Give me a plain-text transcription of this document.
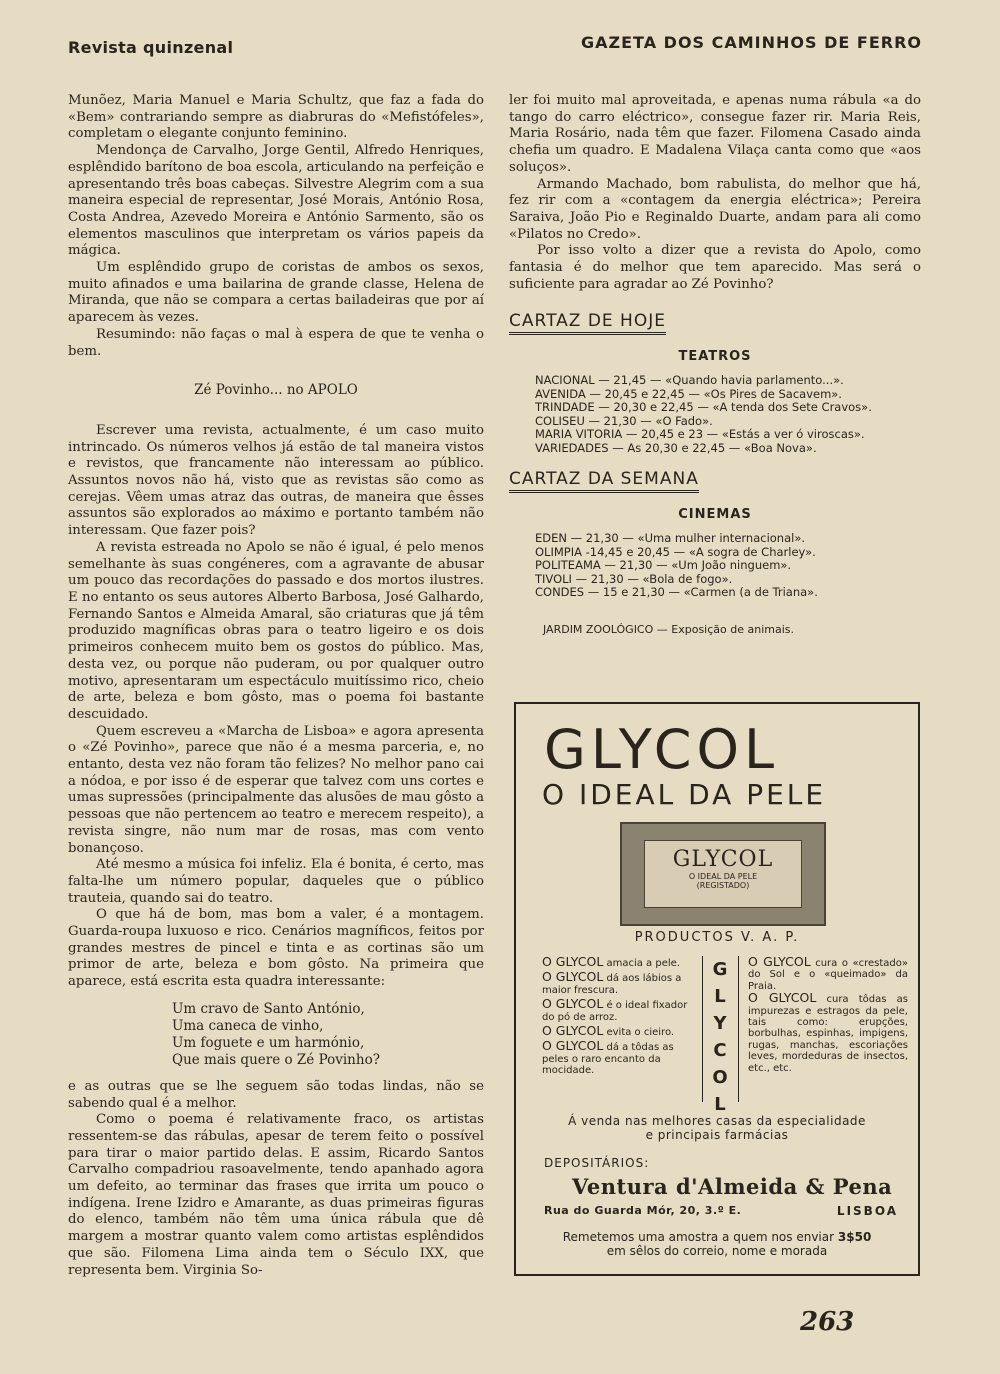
Revista quinzenal	GAZETA DOS CAMINHOS DE FERRO

Munõez, Maria Manuel e Maria Schultz, que faz a fada do «Bem» contrariando sempre as diabruras do «Mefistófeles», completam o elegante conjunto feminino.

Mendonça de Carvalho, Jorge Gentil, Alfredo Henriques, esplêndido barítono de boa escola, articulando na perfeição e apresentando três boas cabeças. Silvestre Alegrim com a sua maneira especial de representar, José Morais, António Rosa, Costa Andrea, Azevedo Moreira e António Sarmento, são os elementos masculinos que interpretam os vários papeis da mágica.

Um esplêndido grupo de coristas de ambos os sexos, muito afinados e uma bailarina de grande classe, Helena de Miranda, que não se compara a certas bailadeiras que por aí aparecem às vezes.

Resumindo: não faças o mal à espera de que te venha o bem.

Zé Povinho... no APOLO

Escrever uma revista, actualmente, é um caso muito intrincado. Os números velhos já estão de tal maneira vistos e revistos, que francamente não interessam ao público. Assuntos novos não há, visto que as revistas são como as cerejas. Vêem umas atraz das outras, de maneira que êsses assuntos são explorados ao máximo e portanto também não interessam. Que fazer pois?

A revista estreada no Apolo se não é igual, é pelo menos semelhante às suas congéneres, com a agravante de abusar um pouco das recordações do passado e dos mortos ilustres. E no entanto os seus autores Alberto Barbosa, José Galhardo, Fernando Santos e Almeida Amaral, são criaturas que já têm produzido magníficas obras para o teatro ligeiro e os dois primeiros conhecem muito bem os gostos do público. Mas, desta vez, ou porque não puderam, ou por qualquer outro motivo, apresentaram um espectáculo muitíssimo rico, cheio de arte, beleza e bom gôsto, mas o poema foi bastante descuidado.

Quem escreveu a «Marcha de Lisboa» e agora apresenta o «Zé Povinho», parece que não é a mesma parceria, e, no entanto, desta vez não foram tão felizes? No melhor pano cai a nódoa, e por isso é de esperar que talvez com uns cortes e umas supressões (principalmente das alusões de mau gôsto a pessoas que não pertencem ao teatro e merecem respeito), a revista singre, não num mar de rosas, mas com vento bonançoso.

Até mesmo a música foi infeliz. Ela é bonita, é certo, mas falta-lhe um número popular, daqueles que o público trauteia, quando sai do teatro.

O que há de bom, mas bom a valer, é a montagem. Guarda-roupa luxuoso e rico. Cenários magníficos, feitos por grandes mestres de pincel e tinta e as cortinas são um primor de arte, beleza e bom gôsto. Na primeira que aparece, está escrita esta quadra interessante:

Um cravo de Santo António,
Uma caneca de vinho,
Um foguete e um harmónio,
Que mais quere o Zé Povinho?

e as outras que se lhe seguem são todas lindas, não se sabendo qual é a melhor.

Como o poema é relativamente fraco, os artistas ressentem-se das rábulas, apesar de terem feito o possível para tirar o maior partido delas. E assim, Ricardo Santos Carvalho compadriou rasoavelmente, tendo apanhado agora um defeito, ao terminar das frases que irrita um pouco o indígena. Irene Izidro e Amarante, as duas primeiras figuras do elenco, também não têm uma única rábula que dê margem a mostrar quanto valem como artistas esplêndidos que são. Filomena Lima ainda tem o Século IXX, que representa bem. Virginia So-

ler foi muito mal aproveitada, e apenas numa rábula «a do tango do carro eléctrico», consegue fazer rir. Maria Reis, Maria Rosário, nada têm que fazer. Filomena Casado ainda chefia um quadro. E Madalena Vilaça canta como que «aos soluços».

Armando Machado, bom rabulista, do melhor que há, fez rir com a «contagem da energia eléctrica»; Pereira Saraiva, João Pio e Reginaldo Duarte, andam para ali como «Pilatos no Credo».

Por isso volto a dizer que a revista do Apolo, como fantasia é do melhor que tem aparecido. Mas será o suficiente para agradar ao Zé Povinho?

CARTAZ DE HOJE
TEATROS
NACIONAL — 21,45 — «Quando havia parlamento...».
AVENIDA — 20,45 e 22,45 — «Os Pires de Sacavem».
TRINDADE — 20,30 e 22,45 — «A tenda dos Sete Cravos».
COLISEU — 21,30 — «O Fado».
MARIA VITORIA — 20,45 e 23 — «Estás a ver ó viroscas».
VARIEDADES — As 20,30 e 22,45 — «Boa Nova».
CARTAZ DA SEMANA
CINEMAS
EDEN — 21,30 — «Uma mulher internacional».
OLIMPIA -14,45 e 20,45 — «A sogra de Charley».
POLITEAMA — 21,30 — «Um João ninguem».
TIVOLI — 21,30 — «Bola de fogo».
CONDES — 15 e 21,30 — «Carmen (a de Triana».
JARDIM ZOOLÓGICO — Exposição de animais.
GLYCOL
O IDEAL DA PELE
GLYCOL
O IDEAL DA PELE
(REGISTADO)
PRODUCTOS V. A. P.
O GLYCOL amacia a pele.
O GLYCOL dá aos lábios a maior frescura.
O GLYCOL é o ideal fixador do pó de arroz.
O GLYCOL evita o cieiro.
O GLYCOL dá a tôdas as peles o raro encanto da mocidade.
G
L
Y
C
O
L
O GLYCOL cura o «crestado» do Sol e o «queimado» da Praia.
O GLYCOL cura tôdas as impurezas e estragos da pele, tais como: erupções, borbulhas, espinhas, impigens, rugas, manchas, escoriações leves, mordeduras de insectos, etc., etc.
Á venda nas melhores casas da especialidade
e principais farmácias
DEPOSITÁRIOS:
Ventura d'Almeida & Pena
Rua do Guarda Mór, 20, 3.º E.	LISBOA
Remetemos uma amostra a quem nos enviar 3$50
em sêlos do correio, nome e morada
263
